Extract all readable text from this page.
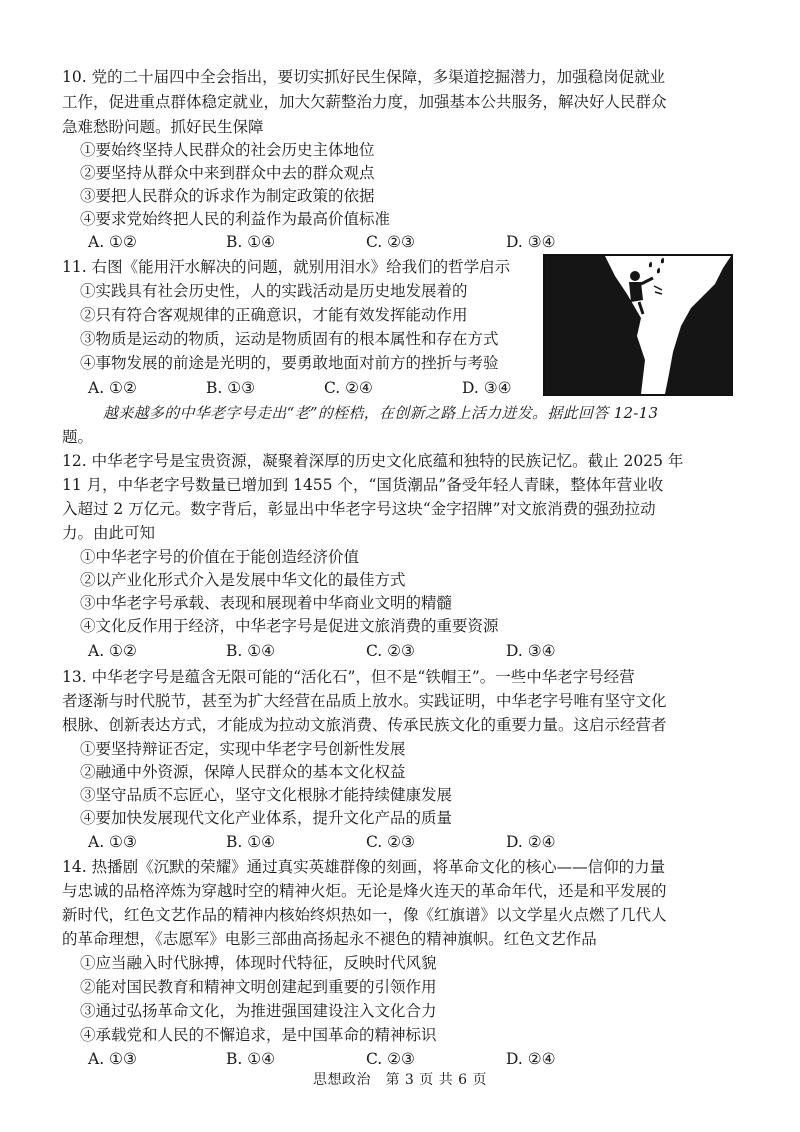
10. 党的二十届四中全会指出，要切实抓好民生保障，多渠道挖掘潜力，加强稳岗促就业
工作，促进重点群体稳定就业，加大欠薪整治力度，加强基本公共服务，解决好人民群众
急难愁盼问题。抓好民生保障
①要始终坚持人民群众的社会历史主体地位
②要坚持从群众中来到群众中去的群众观点
③要把人民群众的诉求作为制定政策的依据
④要求党始终把人民的利益作为最高价值标准
A. ①②	B. ①④	C. ②③	D. ③④
11. 右图《能用汗水解决的问题，就别用泪水》给我们的哲学启示
①实践具有社会历史性，人的实践活动是历史地发展着的
②只有符合客观规律的正确意识，才能有效发挥能动作用
③物质是运动的物质，运动是物质固有的根本属性和存在方式
④事物发展的前途是光明的，要勇敢地面对前方的挫折与考验
A. ①②	B. ①③	C. ②④	D. ③④
越来越多的中华老字号走出“老”的桎梏，在创新之路上活力迸发。据此回答 12-13
题。
12. 中华老字号是宝贵资源，凝聚着深厚的历史文化底蕴和独特的民族记忆。截止 2025 年
11 月，中华老字号数量已增加到 1455 个，“国货潮品”备受年轻人青睐，整体年营业收
入超过 2 万亿元。数字背后，彰显出中华老字号这块“金字招牌”对文旅消费的强劲拉动
力。由此可知
①中华老字号的价值在于能创造经济价值
②以产业化形式介入是发展中华文化的最佳方式
③中华老字号承载、表现和展现着中华商业文明的精髓
④文化反作用于经济，中华老字号是促进文旅消费的重要资源
A. ①②	B. ①④	C. ②③	D. ③④
13. 中华老字号是蕴含无限可能的“活化石”，但不是“铁帽王”。一些中华老字号经营
者逐渐与时代脱节，甚至为扩大经营在品质上放水。实践证明，中华老字号唯有坚守文化
根脉、创新表达方式，才能成为拉动文旅消费、传承民族文化的重要力量。这启示经营者
①要坚持辩证否定，实现中华老字号创新性发展
②融通中外资源，保障人民群众的基本文化权益
③坚守品质不忘匠心，坚守文化根脉才能持续健康发展
④要加快发展现代文化产业体系，提升文化产品的质量
A. ①③	B. ①④	C. ②③	D. ②④
14. 热播剧《沉默的荣耀》通过真实英雄群像的刻画，将革命文化的核心——信仰的力量
与忠诚的品格淬炼为穿越时空的精神火炬。无论是烽火连天的革命年代，还是和平发展的
新时代，红色文艺作品的精神内核始终炽热如一，像《红旗谱》以文学星火点燃了几代人
的革命理想，《志愿军》电影三部曲高扬起永不褪色的精神旗帜。红色文艺作品
①应当融入时代脉搏，体现时代特征，反映时代风貌
②能对国民教育和精神文明创建起到重要的引领作用
③通过弘扬革命文化，为推进强国建设注入文化合力
④承载党和人民的不懈追求，是中国革命的精神标识
A. ①③	B. ①④	C. ②③	D. ②④
思想政治　第 3 页 共 6 页
